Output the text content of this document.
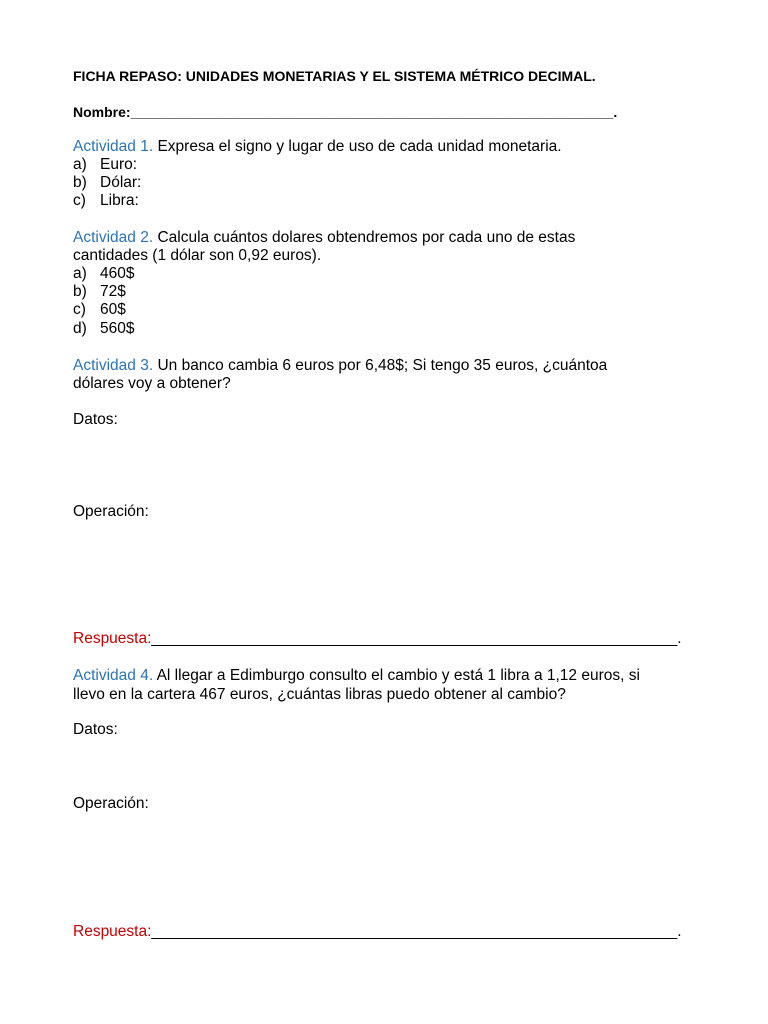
FICHA REPASO: UNIDADES MONETARIAS Y EL SISTEMA MÉTRICO DECIMAL.
Nombre:______________________________________________________________.
Actividad 1. Expresa el signo y lugar de uso de cada unidad monetaria.
a) Euro:
b) Dólar:
c) Libra:
Actividad 2. Calcula cuántos dolares obtendremos por cada uno de estas
cantidades (1 dólar son 0,92 euros).
a) 460$
b) 72$
c) 60$
d) 560$
Actividad 3. Un banco cambia 6 euros por 6,48$; Si tengo 35 euros, ¿cuántoa
dólares voy a obtener?
Datos:
Operación:
Respuesta:_____________________________________________________________.
Actividad 4. Al llegar a Edimburgo consulto el cambio y está 1 libra a 1,12 euros, si
llevo en la cartera 467 euros, ¿cuántas libras puedo obtener al cambio?
Datos:
Operación:
Respuesta:_____________________________________________________________.
